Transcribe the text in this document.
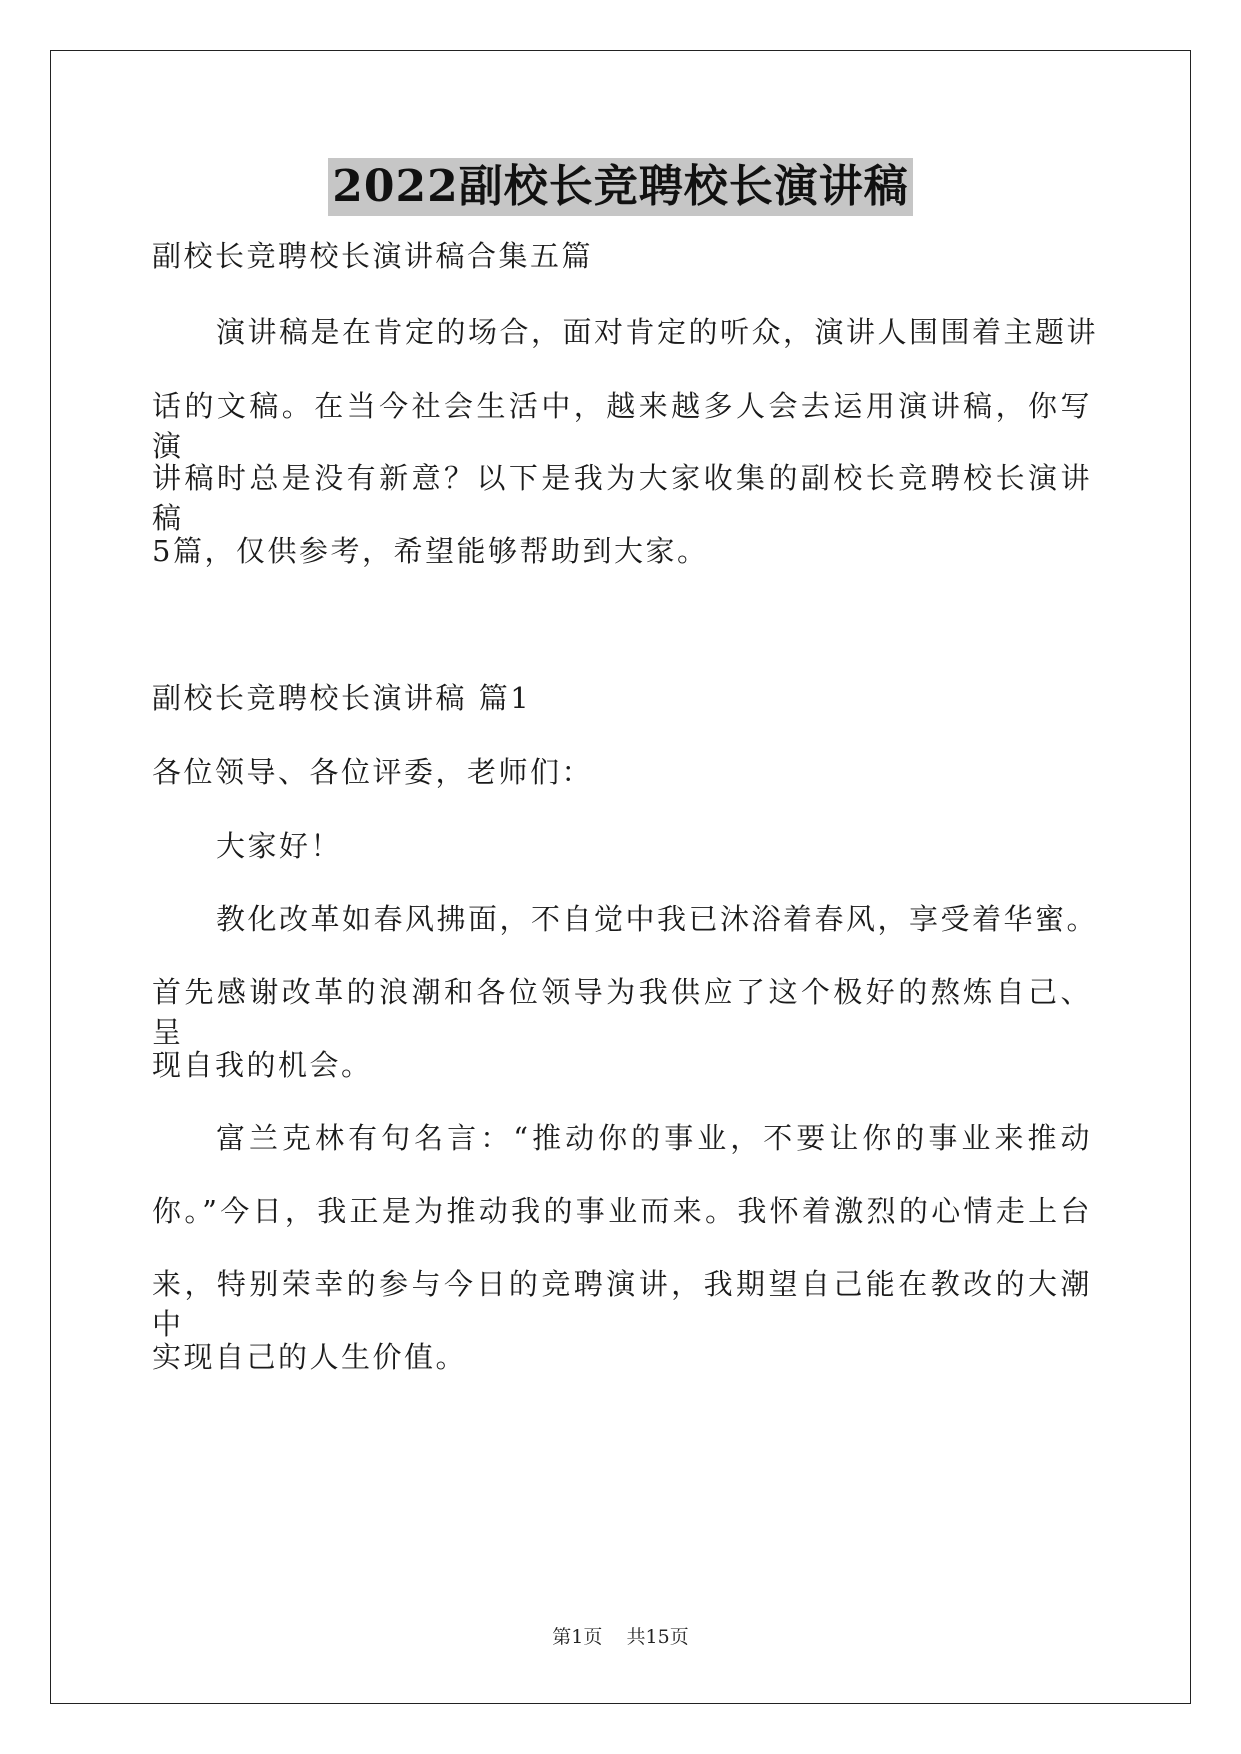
2022副校长竞聘校长演讲稿
副校长竞聘校长演讲稿合集五篇
演讲稿是在肯定的场合，面对肯定的听众，演讲人围围着主题讲
话的文稿。在当今社会生活中，越来越多人会去运用演讲稿，你写演
讲稿时总是没有新意？以下是我为大家收集的副校长竞聘校长演讲稿
5篇，仅供参考，希望能够帮助到大家。
副校长竞聘校长演讲稿 篇1
各位领导、各位评委，老师们：
大家好！
教化改革如春风拂面，不自觉中我已沐浴着春风，享受着华蜜。
首先感谢改革的浪潮和各位领导为我供应了这个极好的熬炼自己、呈
现自我的机会。
富兰克林有句名言：“推动你的事业，不要让你的事业来推动
你。”今日，我正是为推动我的事业而来。我怀着激烈的心情走上台
来，特别荣幸的参与今日的竞聘演讲，我期望自己能在教改的大潮中
实现自己的人生价值。
第1页 共15页
